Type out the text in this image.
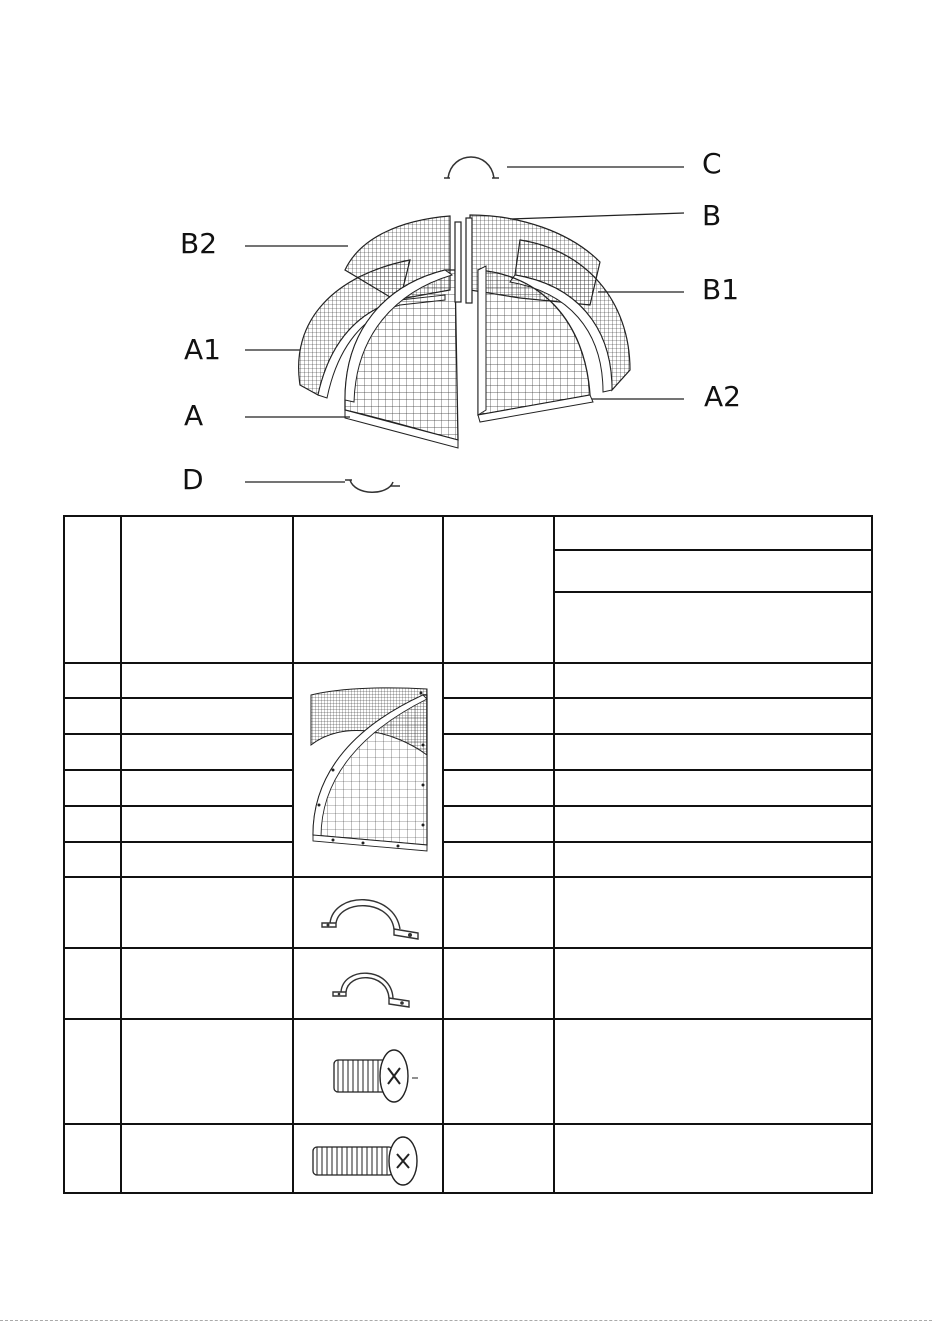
C
B
B2
B1
A1
A
A2
D
